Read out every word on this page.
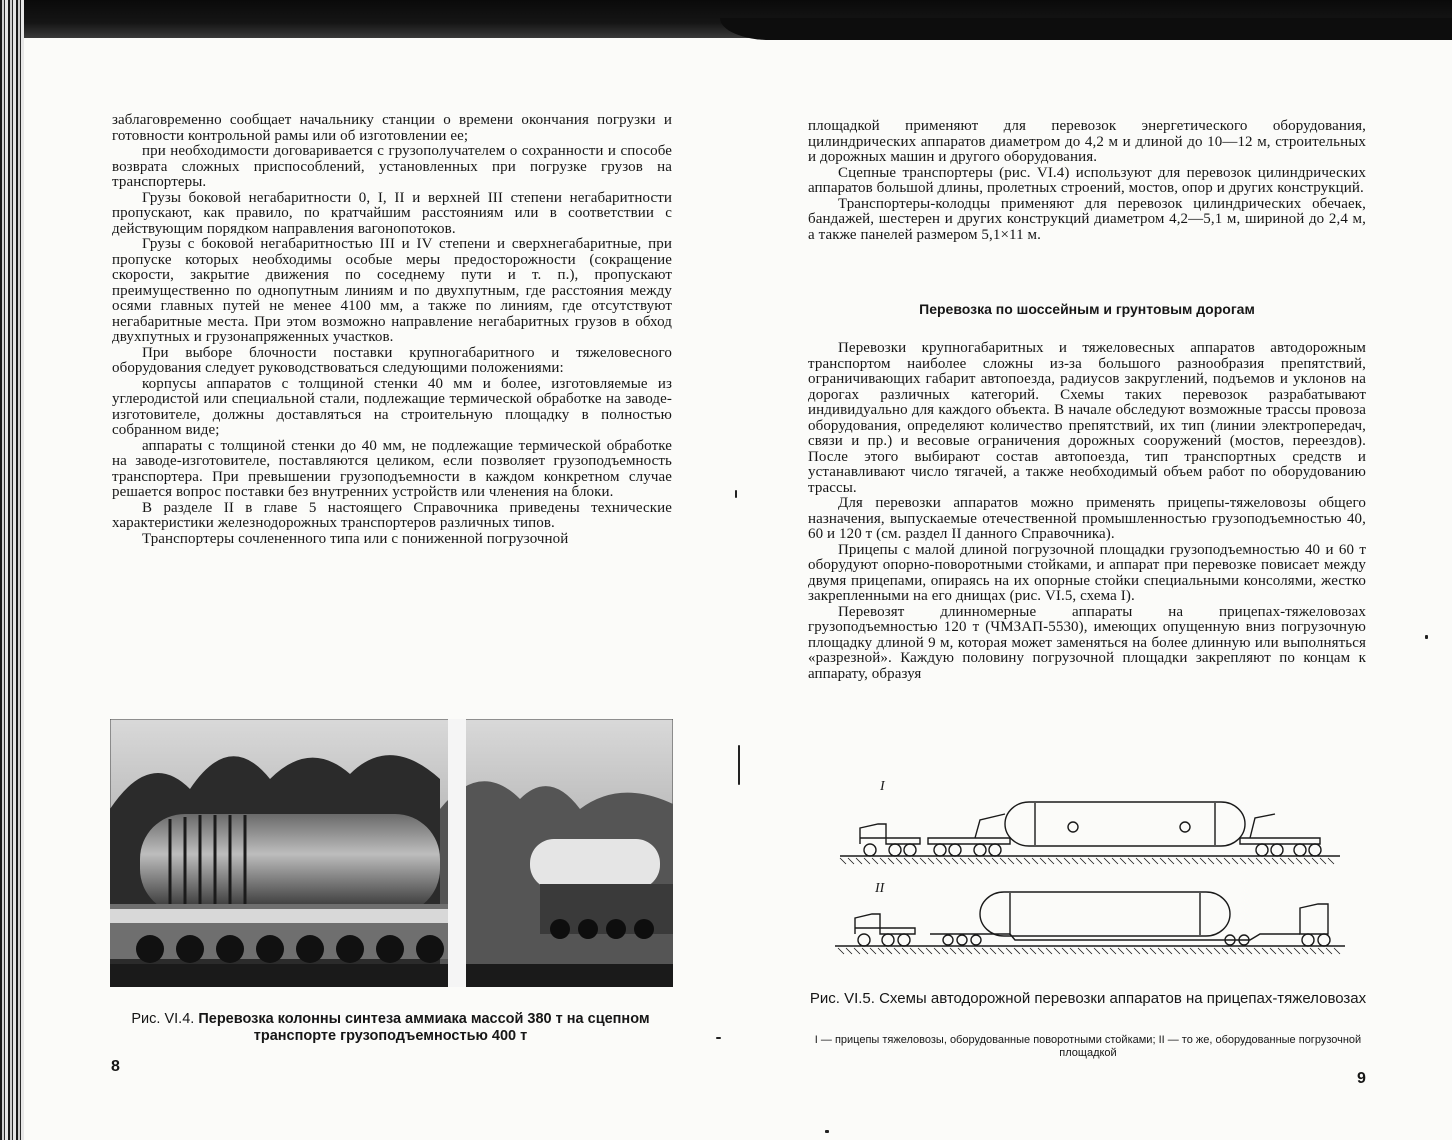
заблаговременно сообщает начальнику станции о времени окончания погрузки и готовности контрольной рамы или об изготовлении ее;

при необходимости договаривается с грузополучателем о сохранности и способе возврата сложных приспособлений, установленных при погрузке грузов на транспортеры.

Грузы боковой негабаритности 0, I, II и верхней III степени негабаритности пропускают, как правило, по кратчайшим расстояниям или в соответствии с действующим порядком направления вагонопотоков.

Грузы с боковой негабаритностью III и IV степени и сверхнегабаритные, при пропуске которых необходимы особые меры предосторожности (сокращение скорости, закрытие движения по соседнему пути и т. п.), пропускают преимущественно по однопутным линиям и по двухпутным, где расстояния между осями главных путей не менее 4100 мм, а также по линиям, где отсутствуют негабаритные места. При этом возможно направление негабаритных грузов в обход двухпутных и грузонапряженных участков.

При выборе блочности поставки крупногабаритного и тяжеловесного оборудования следует руководствоваться следующими положениями:

корпусы аппаратов с толщиной стенки 40 мм и более, изготовляемые из углеродистой или специальной стали, подлежащие термической обработке на заводе-изготовителе, должны доставляться на строительную площадку в полностью собранном виде;

аппараты с толщиной стенки до 40 мм, не подлежащие термической обработке на заводе-изготовителе, поставляются целиком, если позволяет грузоподъемность транспортера. При превышении грузоподъемности в каждом конкретном случае решается вопрос поставки без внутренних устройств или членения на блоки.

В разделе II в главе 5 настоящего Справочника приведены технические характеристики железнодорожных транспортеров различных типов.

Транспортеры сочлененного типа или с пониженной погрузочной

Рис. VI.4. Перевозка колонны синтеза аммиака массой 380 т на сцепном транспорте грузоподъемностью 400 т
8

площадкой применяют для перевозок энергетического оборудования, цилиндрических аппаратов диаметром до 4,2 м и длиной до 10—12 м, строительных и дорожных машин и другого оборудования.

Сцепные транспортеры (рис. VI.4) используют для перевозок цилиндрических аппаратов большой длины, пролетных строений, мостов, опор и других конструкций.

Транспортеры-колодцы применяют для перевозок цилиндрических обечаек, бандажей, шестерен и других конструкций диаметром 4,2—5,1 м, шириной до 2,4 м, а также панелей размером 5,1×11 м.

Перевозка по шоссейным и грунтовым дорогам

Перевозки крупногабаритных и тяжеловесных аппаратов автодорожным транспортом наиболее сложны из-за большого разнообразия препятствий, ограничивающих габарит автопоезда, радиусов закруглений, подъемов и уклонов на дорогах различных категорий. Схемы таких перевозок разрабатывают индивидуально для каждого объекта. В начале обследуют возможные трассы провоза оборудования, определяют количество препятствий, их тип (линии электропередач, связи и пр.) и весовые ограничения дорожных сооружений (мостов, переездов). После этого выбирают состав автопоезда, тип транспортных средств и устанавливают число тягачей, а также необходимый объем работ по оборудованию трассы.

Для перевозки аппаратов можно применять прицепы-тяжеловозы общего назначения, выпускаемые отечественной промышленностью грузоподъемностью 40, 60 и 120 т (см. раздел II данного Справочника).

Прицепы с малой длиной погрузочной площадки грузоподъемностью 40 и 60 т оборудуют опорно-поворотными стойками, и аппарат при перевозке повисает между двумя прицепами, опираясь на их опорные стойки специальными консолями, жестко закрепленными на его днищах (рис. VI.5, схема I).

Перевозят длинномерные аппараты на прицепах-тяжеловозах грузоподъемностью 120 т (ЧМЗАП-5530), имеющих опущенную вниз погрузочную площадку длиной 9 м, которая может заменяться на более длинную или выполняться «разрезной». Каждую половину погрузочной площадки закрепляют по концам к аппарату, образуя

I
II
Рис. VI.5. Схемы автодорожной перевозки аппаратов на прицепах-тяжеловозах
I — прицепы тяжеловозы, оборудованные поворотными стойками; II — то же, оборудованные погрузочной площадкой
9
